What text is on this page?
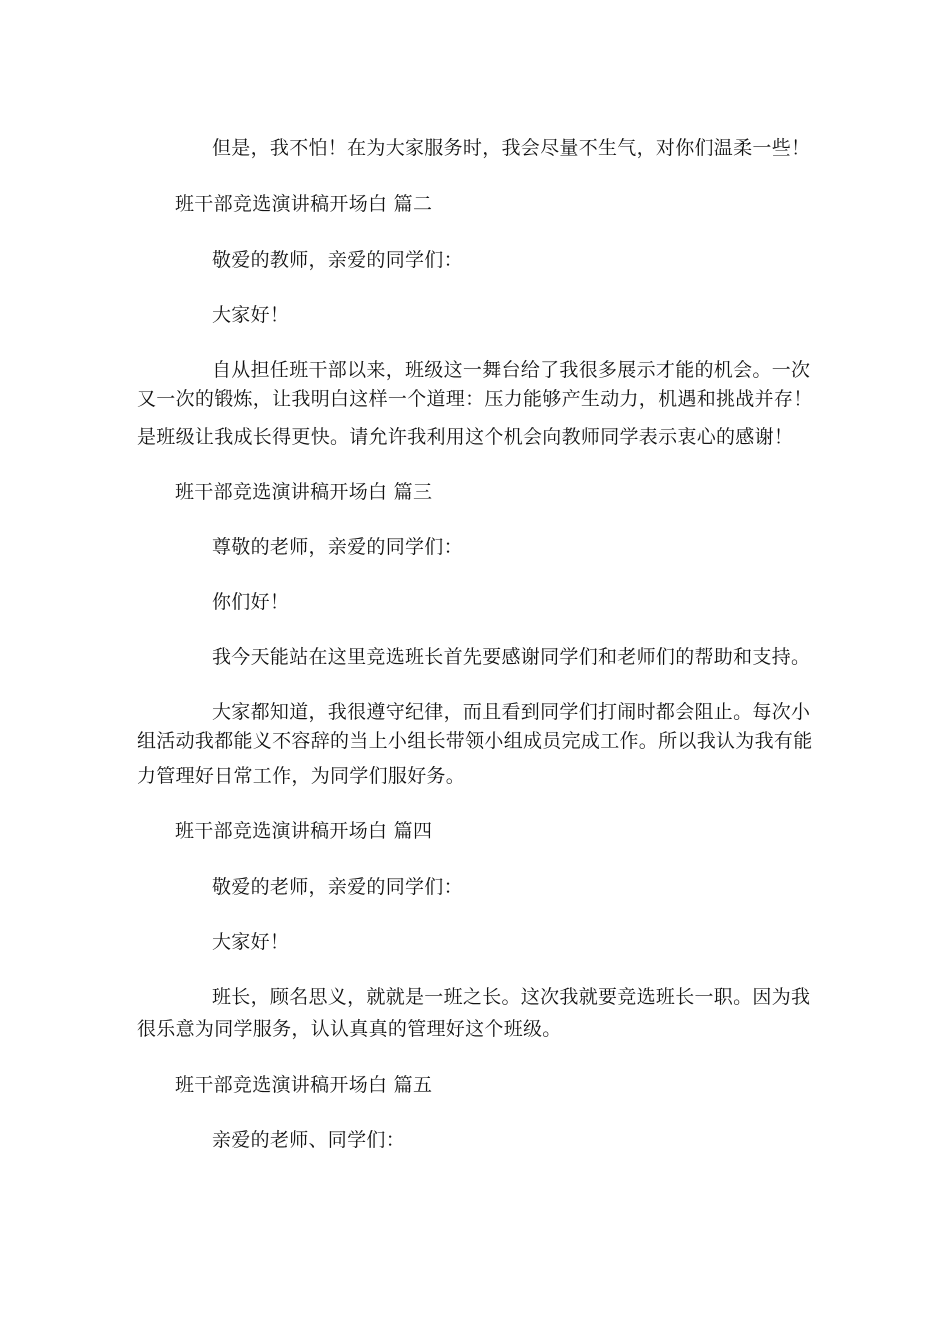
但是，我不怕！在为大家服务时，我会尽量不生气，对你们温柔一些！
班干部竞选演讲稿开场白 篇二
敬爱的教师，亲爱的同学们：
大家好！
自从担任班干部以来，班级这一舞台给了我很多展示才能的机会。一次
又一次的锻炼，让我明白这样一个道理：压力能够产生动力，机遇和挑战并存！
是班级让我成长得更快。请允许我利用这个机会向教师同学表示衷心的感谢！
班干部竞选演讲稿开场白 篇三
尊敬的老师，亲爱的同学们：
你们好！
我今天能站在这里竞选班长首先要感谢同学们和老师们的帮助和支持。
大家都知道，我很遵守纪律，而且看到同学们打闹时都会阻止。每次小
组活动我都能义不容辞的当上小组长带领小组成员完成工作。所以我认为我有能
力管理好日常工作，为同学们服好务。
班干部竞选演讲稿开场白 篇四
敬爱的老师，亲爱的同学们：
大家好！
班长，顾名思义，就就是一班之长。这次我就要竞选班长一职。因为我
很乐意为同学服务，认认真真的管理好这个班级。
班干部竞选演讲稿开场白 篇五
亲爱的老师、同学们：
